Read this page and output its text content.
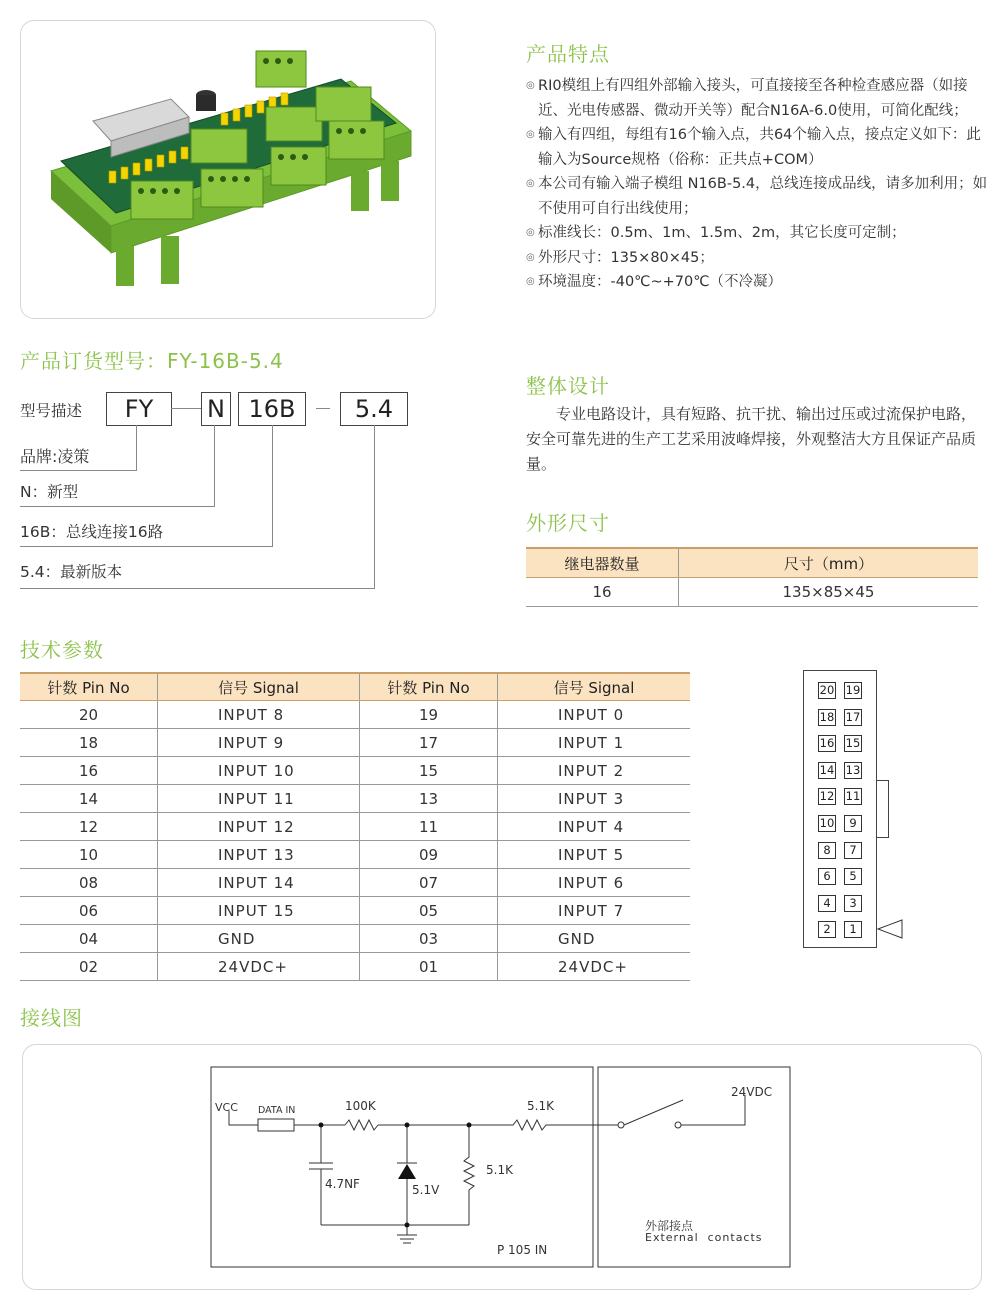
产品特点
◎ RI0模组上有四组外部输入接头，可直接接至各种检查感应器（如接近、光电传感器、微动开关等）配合N16A-6.0使用，可简化配线；
◎ 输入有四组，每组有16个输入点，共64个输入点，接点定义如下：此输入为Source规格（俗称：正共点+COM）
◎ 本公司有输入端子模组 N16B-5.4，总线连接成品线，请多加利用；如不使用可自行出线使用；
◎ 标准线长：0.5m、1m、1.5m、2m，其它长度可定制；
◎ 外形尺寸：135×80×45；
◎ 环境温度：-40℃~+70℃（不冷凝）
产品订货型号：FY-16B-5.4
型号描述	FY	N 16B	5.4
品牌:凌策
N：新型
16B：总线连接16路
5.4：最新版本
整体设计
专业电路设计，具有短路、抗干扰、输出过压或过流保护电路，安全可靠先进的生产工艺采用波峰焊接，外观整洁大方且保证产品质量。
外形尺寸
继电器数量	尺寸（mm）
16	135×85×45
技术参数
针数 Pin No	信号 Signal	针数 Pin No	信号 Signal
20	INPUT 8	19	INPUT 0
18	INPUT 9	17	INPUT 1
16	INPUT 10	15	INPUT 2
14	INPUT 11	13	INPUT 3
12	INPUT 12	11	INPUT 4
10	INPUT 13	09	INPUT 5
08	INPUT 14	07	INPUT 6
06	INPUT 15	05	INPUT 7
04	GND	03	GND
02	24VDC+	01	24VDC+
20 19
18 17
16 15
14 13
12 11
10	9
8	7
6	5
4	3
2	1
接线图
VCC DATA IN	100K	5.1K
5.1K
4.7NF	5.1V
P 105 IN
24VDC
外部接点
External  contacts
